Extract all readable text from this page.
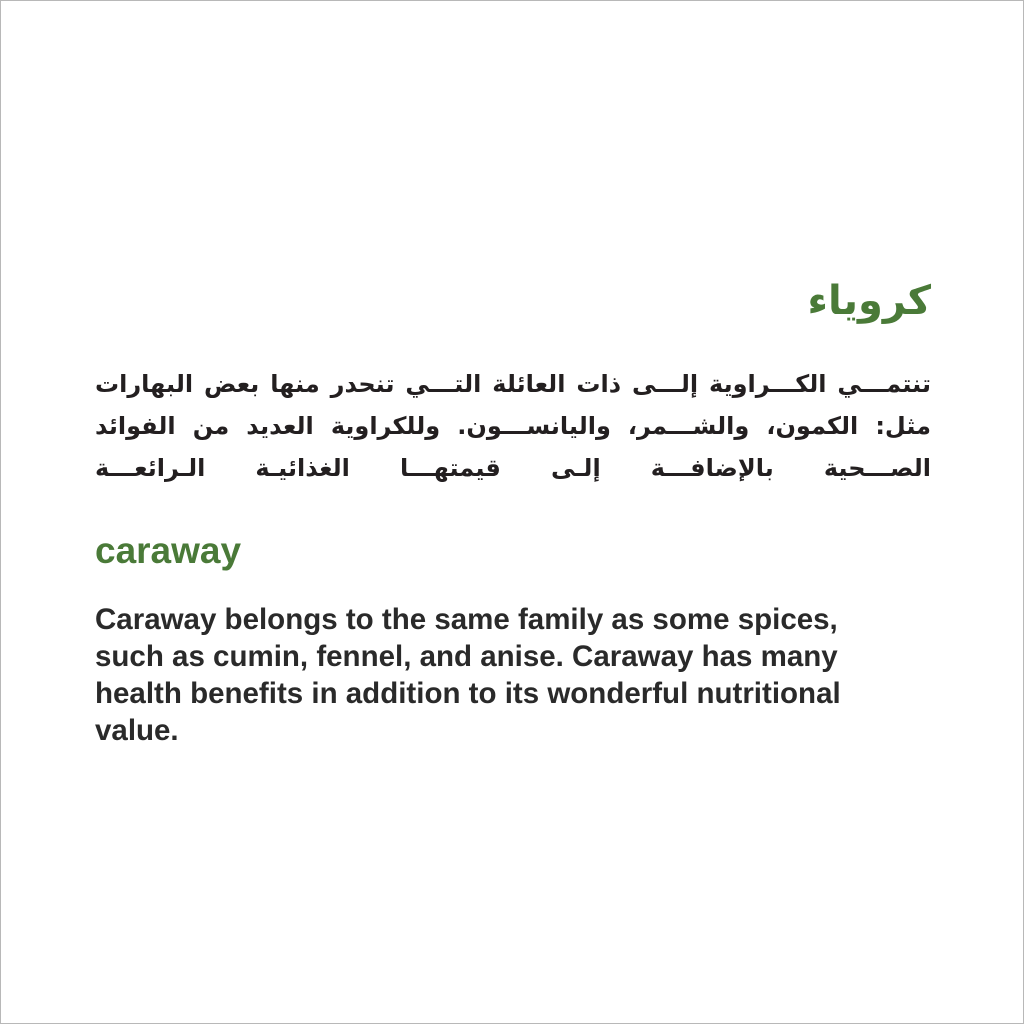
كروياء
تنتمـــي الكـــراوية إلـــى ذات العائلة التـــي تنحدر منها بعض البهارات
مثل: الكمون، والشـــمر، واليانســـون. وللكراوية العديد من الفوائد
الصـــحية بالإضافـــة إلـى قيمتهـــا الغذائيـة الـرائعـــة
caraway
Caraway belongs to the same family as some spices,
such as cumin, fennel, and anise. Caraway has many
health benefits in addition to its wonderful nutritional
value.
